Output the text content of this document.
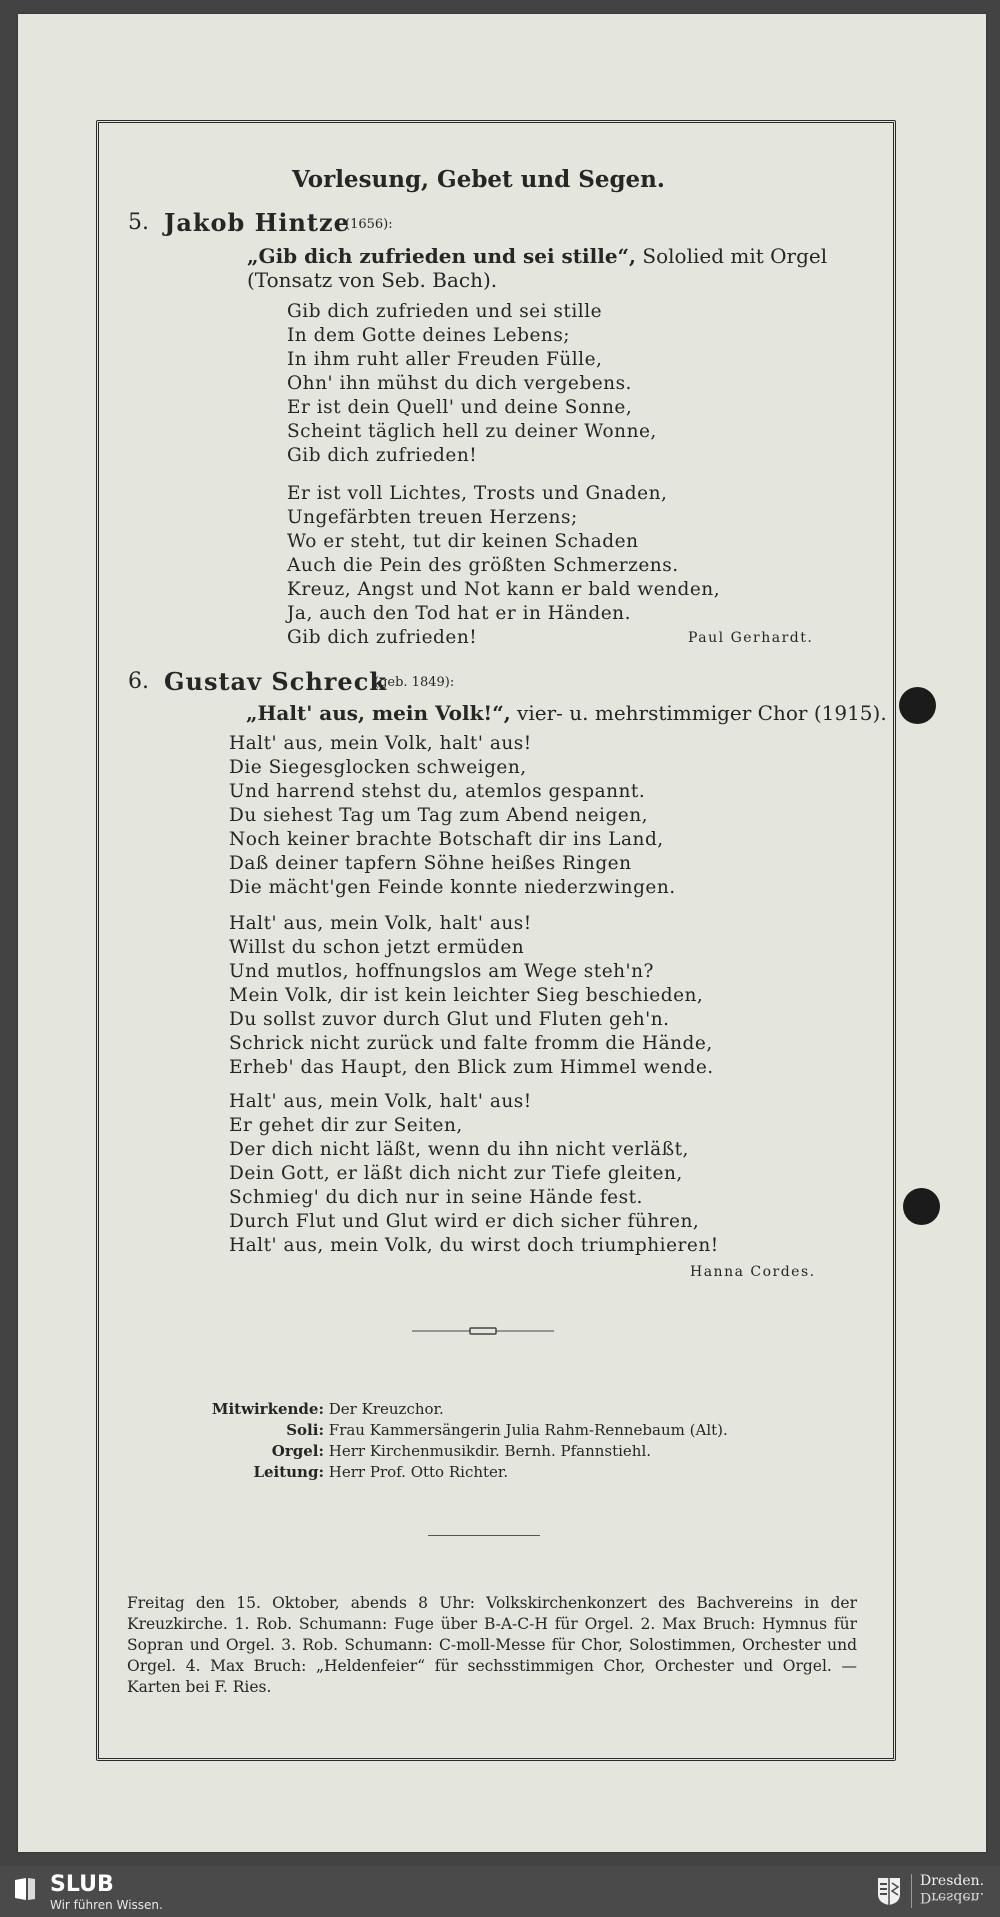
Vorlesung, Gebet und Segen.
5. Jakob Hintze
(1656):
„Gib dich zufrieden und sei stille“, Sololied mit Orgel
(Tonsatz von Seb. Bach).
Gib dich zufrieden und sei stille
In dem Gotte deines Lebens;
In ihm ruht aller Freuden Fülle,
Ohn' ihn mühst du dich vergebens.
Er ist dein Quell' und deine Sonne,
Scheint täglich hell zu deiner Wonne,
Gib dich zufrieden!
Er ist voll Lichtes, Trosts und Gnaden,
Ungefärbten treuen Herzens;
Wo er steht, tut dir keinen Schaden
Auch die Pein des größten Schmerzens.
Kreuz, Angst und Not kann er bald wenden,
Ja, auch den Tod hat er in Händen.
Gib dich zufrieden!	Paul Gerhardt.
6. Gustav Schreck
(geb. 1849):
„Halt' aus, mein Volk!“, vier- u. mehrstimmiger Chor (1915).
Halt' aus, mein Volk, halt' aus!
Die Siegesglocken schweigen,
Und harrend stehst du, atemlos gespannt.
Du siehest Tag um Tag zum Abend neigen,
Noch keiner brachte Botschaft dir ins Land,
Daß deiner tapfern Söhne heißes Ringen
Die mächt'gen Feinde konnte niederzwingen.
Halt' aus, mein Volk, halt' aus!
Willst du schon jetzt ermüden
Und mutlos, hoffnungslos am Wege steh'n?
Mein Volk, dir ist kein leichter Sieg beschieden,
Du sollst zuvor durch Glut und Fluten geh'n.
Schrick nicht zurück und falte fromm die Hände,
Erheb' das Haupt, den Blick zum Himmel wende.
Halt' aus, mein Volk, halt' aus!
Er gehet dir zur Seiten,
Der dich nicht läßt, wenn du ihn nicht verläßt,
Dein Gott, er läßt dich nicht zur Tiefe gleiten,
Schmieg' du dich nur in seine Hände fest.
Durch Flut und Glut wird er dich sicher führen,
Halt' aus, mein Volk, du wirst doch triumphieren!
Hanna Cordes.
Mitwirkende: Der Kreuzchor.
Soli: Frau Kammersängerin Julia Rahm-Rennebaum (Alt).
Orgel: Herr Kirchenmusikdir. Bernh. Pfannstiehl.
Leitung: Herr Prof. Otto Richter.
Freitag den 15. Oktober, abends 8 Uhr: Volkskirchenkonzert des Bachvereins in der Kreuzkirche. 1. Rob. Schumann: Fuge über B-A-C-H für Orgel. 2. Max Bruch: Hymnus für Sopran und Orgel. 3. Rob. Schumann: C-moll-Messe für Chor, Solostimmen, Orchester und Orgel. 4. Max Bruch: „Heldenfeier“ für sechsstimmigen Chor, Orchester und Orgel. — Karten bei F. Ries.
SLUB
Wir führen Wissen.
Dresden.
Dresden.
